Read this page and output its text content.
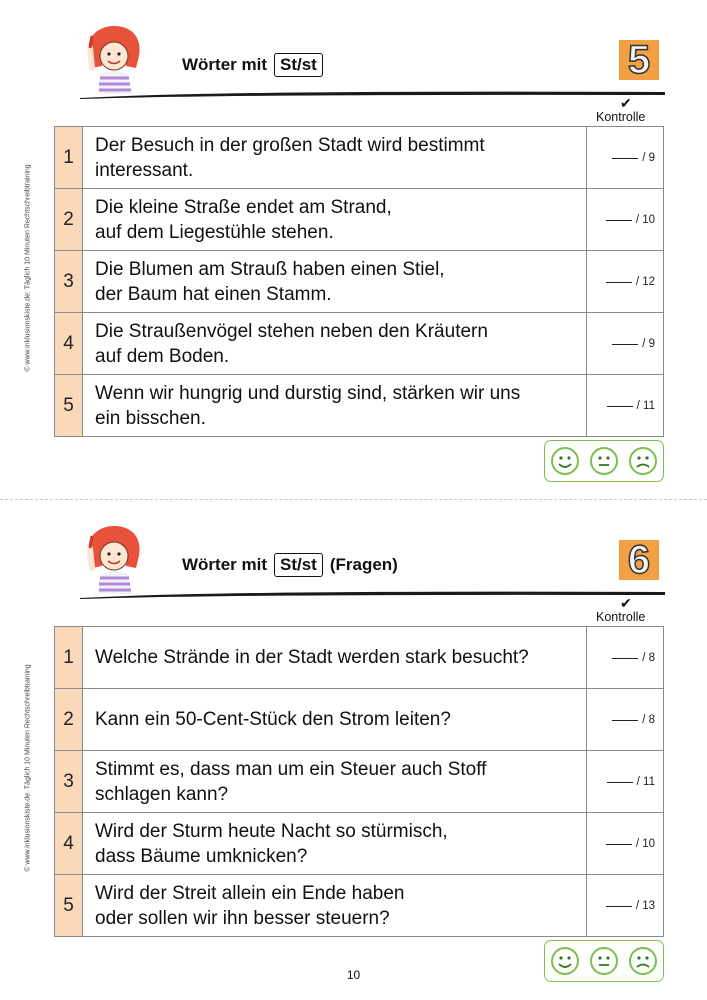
© www.inklusionskiste.de: Täglich 10 Minuten Rechtschreibtraining
Wörter mit St/st	5
✔
Kontrolle
1	Der Besuch in der großen Stadt wird bestimmt
interessant.	/ 9
2	Die kleine Straße endet am Strand,
auf dem Liegestühle stehen.	/ 10
3	Die Blumen am Strauß haben einen Stiel,
der Baum hat einen Stamm.	/ 12
4	Die Straußenvögel stehen neben den Kräutern
auf dem Boden.	/ 9
5	Wenn wir hungrig und durstig sind, stärken wir uns
ein bisschen.	/ 11
© www.inklusionskiste.de: Täglich 10 Minuten Rechtschreibtraining
Wörter mit St/st (Fragen)	6
✔
Kontrolle
1	Welche Strände in der Stadt werden stark besucht?	/ 8
2	Kann ein 50-Cent-Stück den Strom leiten?	/ 8
3	Stimmt es, dass man um ein Steuer auch Stoff
schlagen kann?	/ 11
4	Wird der Sturm heute Nacht so stürmisch,
dass Bäume umknicken?	/ 10
5	Wird der Streit allein ein Ende haben
oder sollen wir ihn besser steuern?	/ 13
10
